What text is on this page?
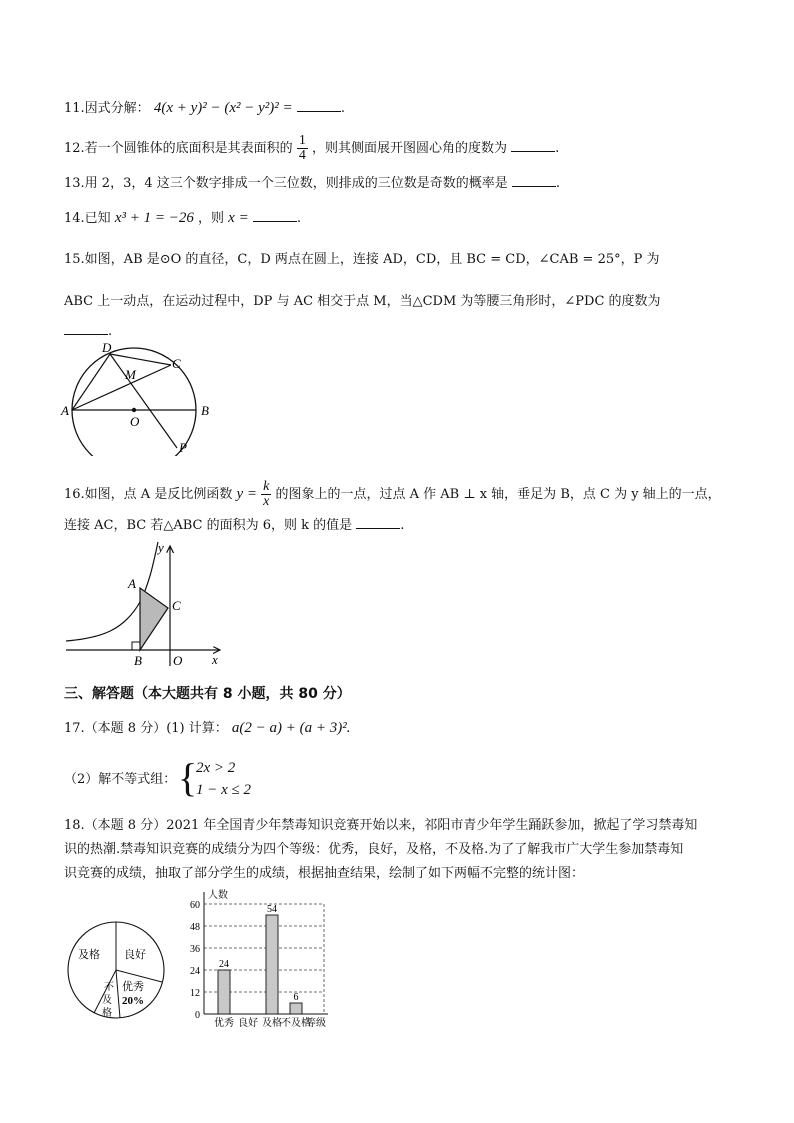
11.因式分解： 4(x + y)² − (x² − y²)² =	.
12.若一个圆锥体的底面积是其表面积的 $\frac{1}{4}$ ，则其侧面展开图圆心角的度数为	.
13.用 2，3，4 这三个数字排成一个三位数，则排成的三位数是奇数的概率是	.
14.已知 x³ + 1 = −26 ，则 x =	.
15.如图，AB 是⊙O 的直径，C，D 两点在圆上，连接 AD，CD，且 BC = CD，∠CAB = 25°，P 为
ABC 上一动点，在运动过程中，DP 与 AC 相交于点 M，当△CDM 为等腰三角形时，∠PDC 的度数为
.
D
C
M
A
O
B
P
16.如图，点 A 是反比例函数 $y = \frac{k}{x}$ 的图象上的一点，过点 A 作 AB ⊥ x 轴，垂足为 B，点 C 为 y 轴上的一点，
连接 AC，BC 若△ABC 的面积为 6，则 k 的值是	.
y
A
C
B O x
三、解答题（本大题共有 8 小题，共 80 分）
17.（本题 8 分）(1) 计算： a(2 − a) + (a + 3)².
（2）解不等式组： {
2x > 2
1 − x ≤ 2
18.（本题 8 分）2021 年全国青少年禁毒知识竞赛开始以来，祁阳市青少年学生踊跃参加，掀起了学习禁毒知
识的热潮.禁毒知识竞赛的成绩分为四个等级：优秀，良好，及格，不及格.为了了解我市广大学生参加禁毒知
识竞赛的成绩，抽取了部分学生的成绩，根据抽查结果，绘制了如下两幅不完整的统计图：
及格 良好
优秀
20%
不
及
格	0
12
24
36
48
60
人数
24
优秀 良好
54
及格
6
不及格
等级
